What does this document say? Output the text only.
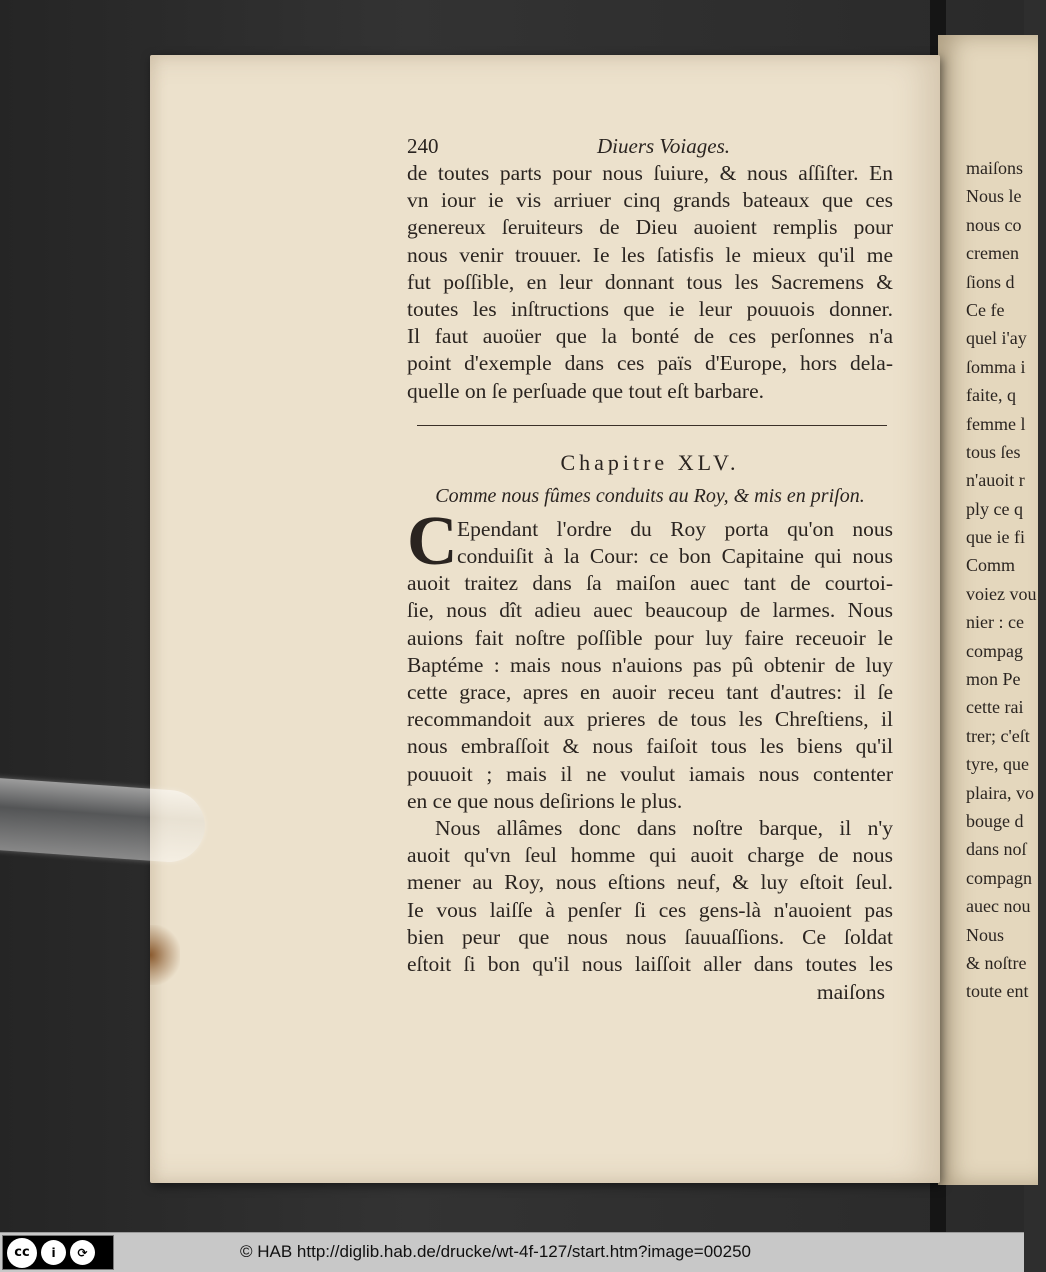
240	Diuers Voiages.
de toutes parts pour nous ſuiure, & nous aſſiſter. En
vn iour ie vis arriuer cinq grands bateaux que ces
genereux ſeruiteurs de Dieu auoient remplis pour
nous venir trouuer. Ie les ſatisfis le mieux qu'il me
fut poſſible, en leur donnant tous les Sacremens &
toutes les inſtructions que ie leur pouuois donner.
Il faut auoüer que la bonté de ces perſonnes n'a
point d'exemple dans ces païs d'Europe, hors dela-
quelle on ſe perſuade que tout eſt barbare.
Chapitre XLV.
Comme nous fûmes conduits au Roy, & mis en priſon.
C Ependant l'ordre du Roy porta qu'on nous
conduiſit à la Cour: ce bon Capitaine qui nous
auoit traitez dans ſa maiſon auec tant de courtoi-
ſie, nous dît adieu auec beaucoup de larmes. Nous
auions fait noſtre poſſible pour luy faire receuoir le
Baptéme : mais nous n'auions pas pû obtenir de luy
cette grace, apres en auoir receu tant d'autres: il ſe
recommandoit aux prieres de tous les Chreſtiens, il
nous embraſſoit & nous faiſoit tous les biens qu'il
pouuoit ; mais il ne voulut iamais nous contenter
en ce que nous deſirions le plus.
Nous allâmes donc dans noſtre barque, il n'y
auoit qu'vn ſeul homme qui auoit charge de nous
mener au Roy, nous eſtions neuf, & luy eſtoit ſeul.
Ie vous laiſſe à penſer ſi ces gens-là n'auoient pas
bien peur que nous nous ſauuaſſions. Ce ſoldat
eſtoit ſi bon qu'il nous laiſſoit aller dans toutes les
maiſons
maiſons
Nous le
nous co
cremen
ſions d
Ce fe
quel i'ay
ſomma i
faite, q
femme l
tous ſes
n'auoit r
ply ce q
que ie fi
Comm
voiez vou
nier : ce
compag
mon Pe
cette rai
trer; c'eſt
tyre, que
plaira, vo
bouge d
dans noſ
compagn
auec nou
Nous
& noſtre
toute ent
cc	i	⟳	© HAB http://diglib.hab.de/drucke/wt-4f-127/start.htm?image=00250
